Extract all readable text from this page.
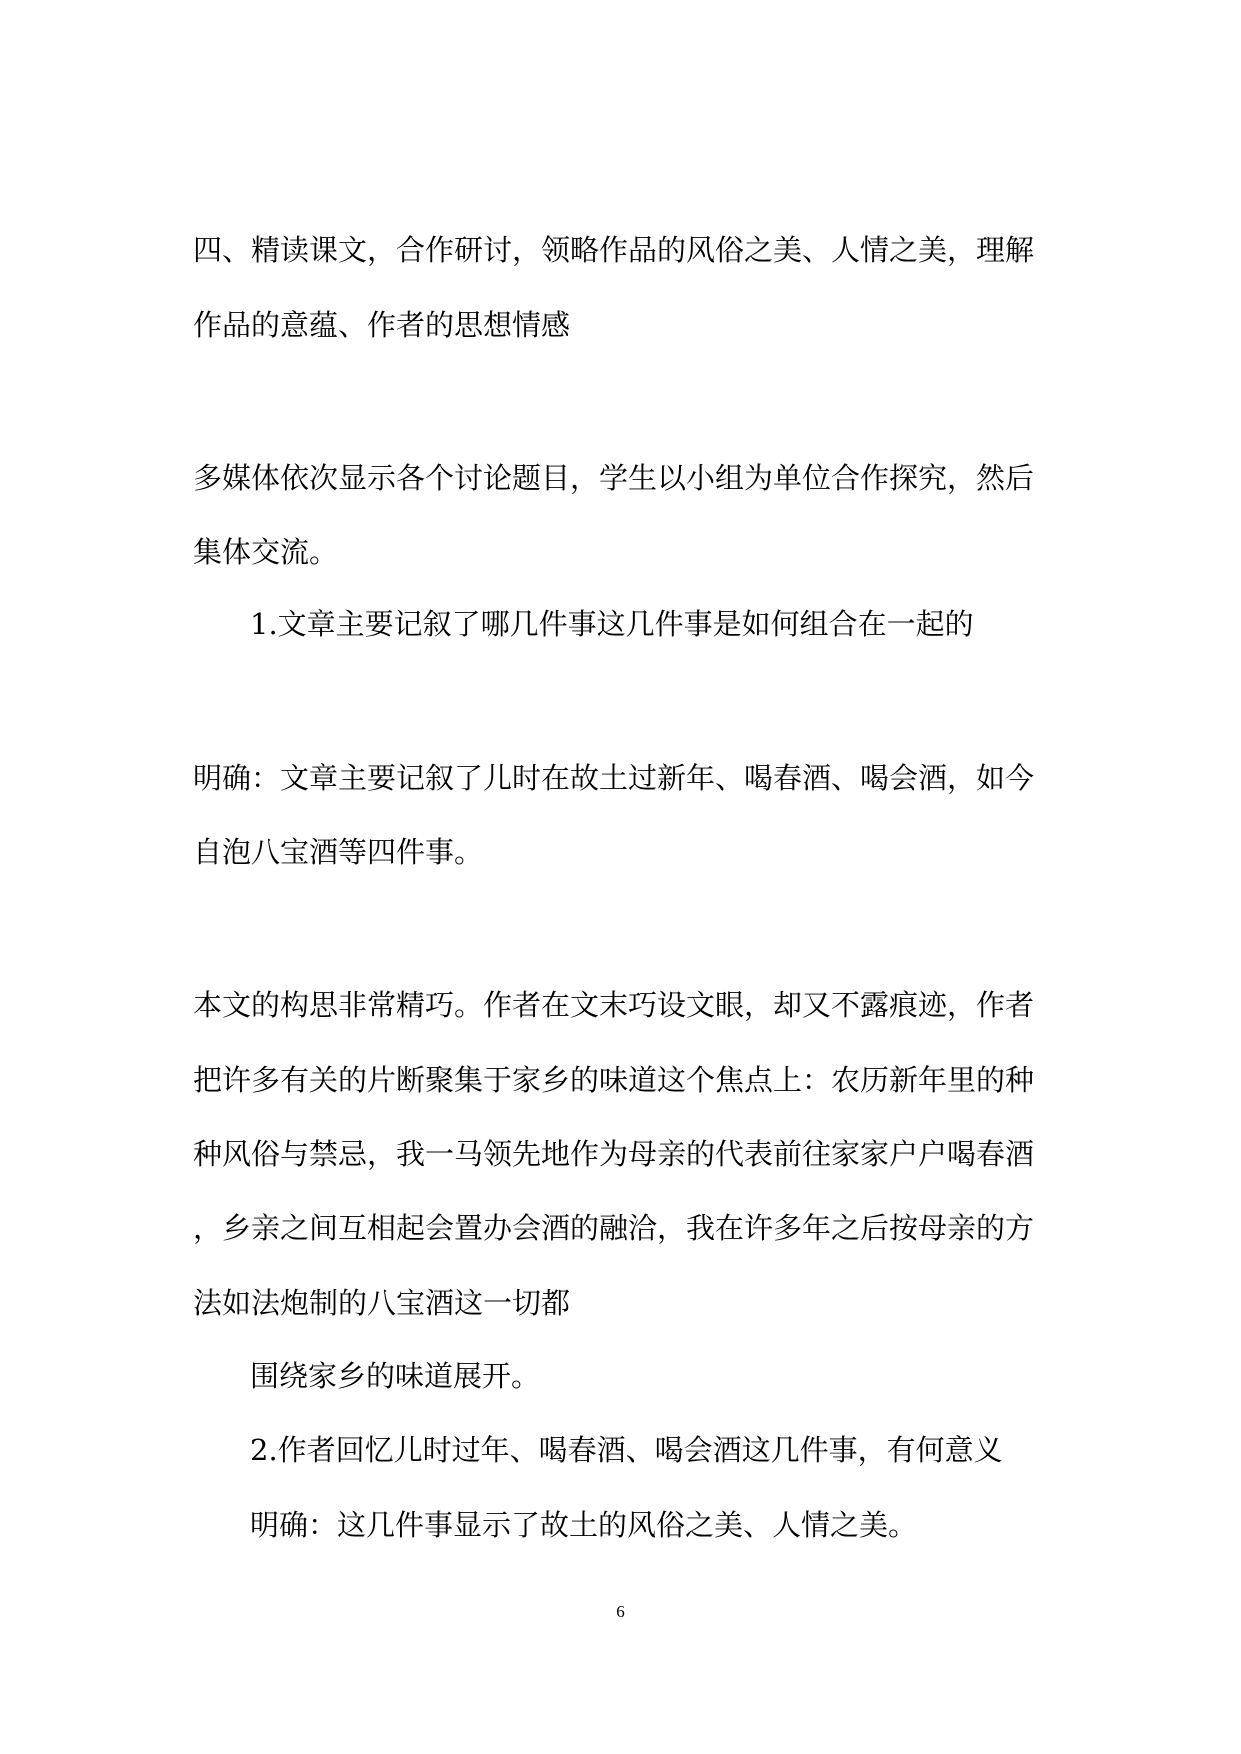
四、精读课文，合作研讨，领略作品的风俗之美、人情之美，理解
作品的意蕴、作者的思想情感
多媒体依次显示各个讨论题目，学生以小组为单位合作探究，然后
集体交流。
1.文章主要记叙了哪几件事这几件事是如何组合在一起的
明确：文章主要记叙了儿时在故土过新年、喝春酒、喝会酒，如今
自泡八宝酒等四件事。
本文的构思非常精巧。作者在文末巧设文眼，却又不露痕迹，作者
把许多有关的片断聚集于家乡的味道这个焦点上：农历新年里的种
种风俗与禁忌，我一马领先地作为母亲的代表前往家家户户喝春酒
，乡亲之间互相起会置办会酒的融洽，我在许多年之后按母亲的方
法如法炮制的八宝酒这一切都
围绕家乡的味道展开。
2.作者回忆儿时过年、喝春酒、喝会酒这几件事，有何意义
明确：这几件事显示了故土的风俗之美、人情之美。
6
